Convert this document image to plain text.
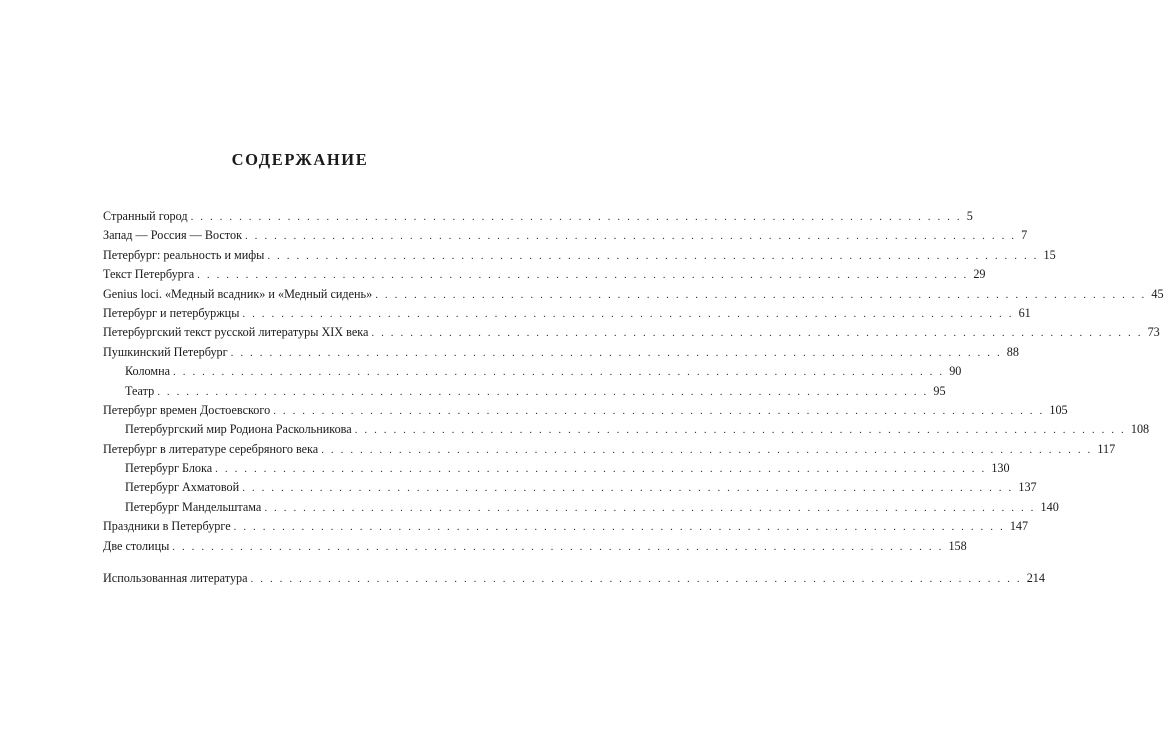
СОДЕРЖАНИЕ
Странный город . . . . . . . . . . . . . . . . . . . . . . . . . . . . . . . . . . . . . . . . . . . . . . . . . . . . . . . . . . . . . . . . . . . . . . . . . . . . . . . . 5
Запад — Россия — Восток . . . . . . . . . . . . . . . . . . . . . . . . . . . . . . . . . . . . . . . . . . . . . . . . . . . . . . . . . . . . . . . . . . . . . . . . . . . . . . . . 7
Петербург: реальность и мифы . . . . . . . . . . . . . . . . . . . . . . . . . . . . . . . . . . . . . . . . . . . . . . . . . . . . . . . . . . . . . . . . . . . . . . . . . . . . . . . . 15
Текст Петербурга . . . . . . . . . . . . . . . . . . . . . . . . . . . . . . . . . . . . . . . . . . . . . . . . . . . . . . . . . . . . . . . . . . . . . . . . . . . . . . . . 29
Genius loci. «Медный всадник» и «Медный сидень» . . . . . . . . . . . . . . . . . . . . . . . . . . . . . . . . . . . . . . . . . . . . . . . . . . . . . . . . . . . . . . . . . . . . . . . . . . . . . . . . 45
Петербург и петербуржцы . . . . . . . . . . . . . . . . . . . . . . . . . . . . . . . . . . . . . . . . . . . . . . . . . . . . . . . . . . . . . . . . . . . . . . . . . . . . . . . . 61
Петербургский текст русской литературы XIX века . . . . . . . . . . . . . . . . . . . . . . . . . . . . . . . . . . . . . . . . . . . . . . . . . . . . . . . . . . . . . . . . . . . . . . . . . . . . . . . . 73
Пушкинский Петербург . . . . . . . . . . . . . . . . . . . . . . . . . . . . . . . . . . . . . . . . . . . . . . . . . . . . . . . . . . . . . . . . . . . . . . . . . . . . . . . . 88
Коломна . . . . . . . . . . . . . . . . . . . . . . . . . . . . . . . . . . . . . . . . . . . . . . . . . . . . . . . . . . . . . . . . . . . . . . . . . . . . . . . . 90
Театр . . . . . . . . . . . . . . . . . . . . . . . . . . . . . . . . . . . . . . . . . . . . . . . . . . . . . . . . . . . . . . . . . . . . . . . . . . . . . . . . 95
Петербург времен Достоевского . . . . . . . . . . . . . . . . . . . . . . . . . . . . . . . . . . . . . . . . . . . . . . . . . . . . . . . . . . . . . . . . . . . . . . . . . . . . . . . . 105
Петербургский мир Родиона Раскольникова . . . . . . . . . . . . . . . . . . . . . . . . . . . . . . . . . . . . . . . . . . . . . . . . . . . . . . . . . . . . . . . . . . . . . . . . . . . . . . . . 108
Петербург в литературе серебряного века . . . . . . . . . . . . . . . . . . . . . . . . . . . . . . . . . . . . . . . . . . . . . . . . . . . . . . . . . . . . . . . . . . . . . . . . . . . . . . . . 117
Петербург Блока . . . . . . . . . . . . . . . . . . . . . . . . . . . . . . . . . . . . . . . . . . . . . . . . . . . . . . . . . . . . . . . . . . . . . . . . . . . . . . . . 130
Петербург Ахматовой . . . . . . . . . . . . . . . . . . . . . . . . . . . . . . . . . . . . . . . . . . . . . . . . . . . . . . . . . . . . . . . . . . . . . . . . . . . . . . . . 137
Петербург Мандельштама . . . . . . . . . . . . . . . . . . . . . . . . . . . . . . . . . . . . . . . . . . . . . . . . . . . . . . . . . . . . . . . . . . . . . . . . . . . . . . . . 140
Праздники в Петербурге . . . . . . . . . . . . . . . . . . . . . . . . . . . . . . . . . . . . . . . . . . . . . . . . . . . . . . . . . . . . . . . . . . . . . . . . . . . . . . . . 147
Две столицы . . . . . . . . . . . . . . . . . . . . . . . . . . . . . . . . . . . . . . . . . . . . . . . . . . . . . . . . . . . . . . . . . . . . . . . . . . . . . . . . 158
Использованная литература . . . . . . . . . . . . . . . . . . . . . . . . . . . . . . . . . . . . . . . . . . . . . . . . . . . . . . . . . . . . . . . . . . . . . . . . . . . . . . . . 214
